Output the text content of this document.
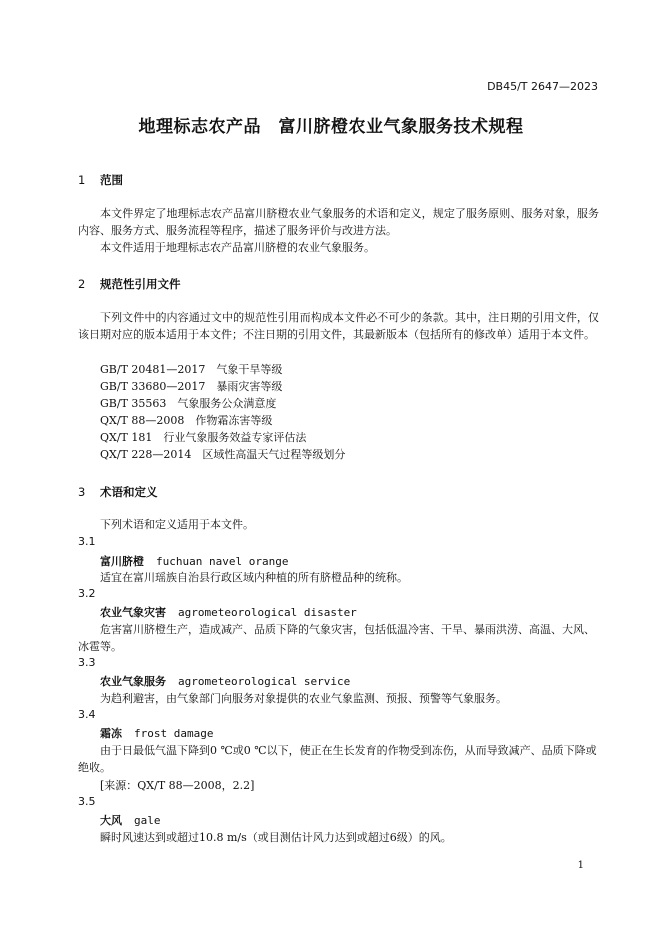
DB45/T 2647—2023
地理标志农产品　富川脐橙农业气象服务技术规程
1 范围
本文件界定了地理标志农产品富川脐橙农业气象服务的术语和定义，规定了服务原则、服务对象，服务内容、服务方式、服务流程等程序，描述了服务评价与改进方法。
本文件适用于地理标志农产品富川脐橙的农业气象服务。
2 规范性引用文件
下列文件中的内容通过文中的规范性引用而构成本文件必不可少的条款。其中，注日期的引用文件，仅该日期对应的版本适用于本文件；不注日期的引用文件，其最新版本（包括所有的修改单）适用于本文件。
GB/T 20481—2017　气象干旱等级
GB/T 33680—2017　暴雨灾害等级
GB/T 35563　气象服务公众满意度
QX/T 88—2008　作物霜冻害等级
QX/T 181　行业气象服务效益专家评估法
QX/T 228—2014　区域性高温天气过程等级划分
3 术语和定义
下列术语和定义适用于本文件。
3.1
富川脐橙 fuchuan navel orange
适宜在富川瑶族自治县行政区域内种植的所有脐橙品种的统称。
3.2
农业气象灾害 agrometeorological disaster
危害富川脐橙生产，造成减产、品质下降的气象灾害，包括低温冷害、干旱、暴雨洪涝、高温、大风、冰雹等。
3.3
农业气象服务 agrometeorological service
为趋利避害，由气象部门向服务对象提供的农业气象监测、预报、预警等气象服务。
3.4
霜冻 frost damage
由于日最低气温下降到0 ℃或0 ℃以下，使正在生长发育的作物受到冻伤，从而导致减产、品质下降或绝收。
[来源：QX/T 88—2008，2.2]
3.5
大风 gale
瞬时风速达到或超过10.8 m/s（或目测估计风力达到或超过6级）的风。
1
